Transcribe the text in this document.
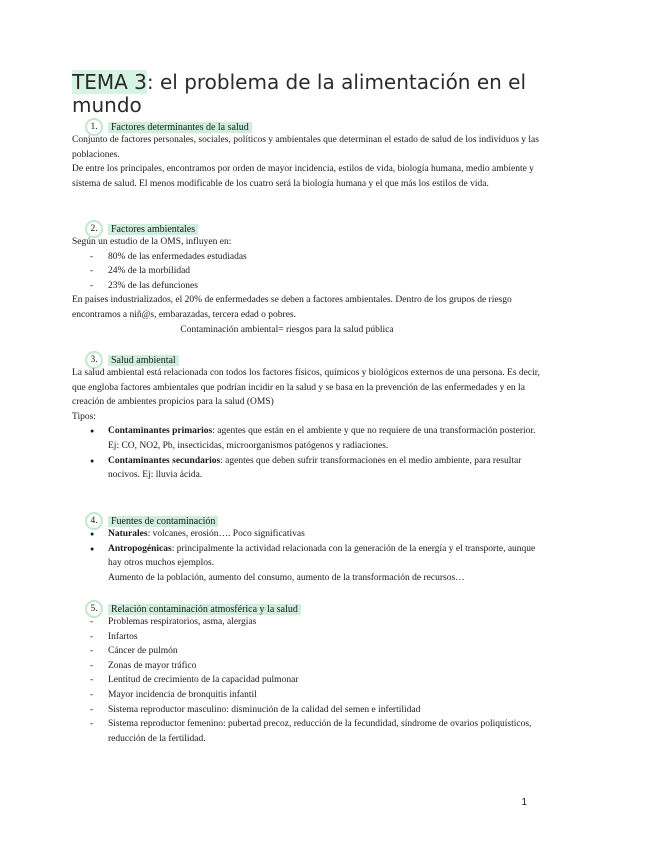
TEMA 3: el problema de la alimentación en el mundo
1.	Factores determinantes de la salud

Conjunto de factores personales, sociales, políticos y ambientales que determinan el estado de salud de los individuos y las poblaciones.

De entre los principales, encontramos por orden de mayor incidencia, estilos de vida, biología humana, medio ambiente y sistema de salud. El menos modificable de los cuatro será la biología humana y el que más los estilos de vida.

2.	Factores ambientales

Según un estudio de la OMS, influyen en:

- 80% de las enfermedades estudiadas
- 24% de la morbilidad
- 23% de las defunciones

En países industrializados, el 20% de enfermedades se deben a factores ambientales. Dentro de los grupos de riesgo encontramos a niñ@s, embarazadas, tercera edad o pobres.

Contaminación ambiental= riesgos para la salud pública

3.	Salud ambiental

La salud ambiental está relacionada con todos los factores físicos, químicos y biológicos externos de una persona. Es decir, que engloba factores ambientales que podrían incidir en la salud y se basa en la prevención de las enfermedades y en la creación de ambientes propicios para la salud (OMS)

Tipos:

● Contaminantes primarios: agentes que están en el ambiente y que no requiere de una transformación posterior. Ej: CO, NO2, Pb, insecticidas, microorganismos patógenos y radiaciones.
● Contaminantes secundarios: agentes que deben sufrir transformaciones en el medio ambiente, para resultar nocivos. Ej: lluvia ácida.
4.	Fuentes de contaminación
● Naturales: volcanes, erosión…. Poco significativas
● Antropogénicas: principalmente la actividad relacionada con la generación de la energía y el transporte, aunque hay otros muchos ejemplos.

Aumento de la población, aumento del consumo, aumento de la transformación de recursos…

5.	Relación contaminación atmosférica y la salud
- Problemas respiratorios, asma, alergias
- Infartos
- Cáncer de pulmón
- Zonas de mayor tráfico
- Lentitud de crecimiento de la capacidad pulmonar
- Mayor incidencia de bronquitis infantil
- Sistema reproductor masculino: disminución de la calidad del semen e infertilidad
- Sistema reproductor femenino: pubertad precoz, reducción de la fecundidad, síndrome de ovarios poliquísticos, reducción de la fertilidad.
1
